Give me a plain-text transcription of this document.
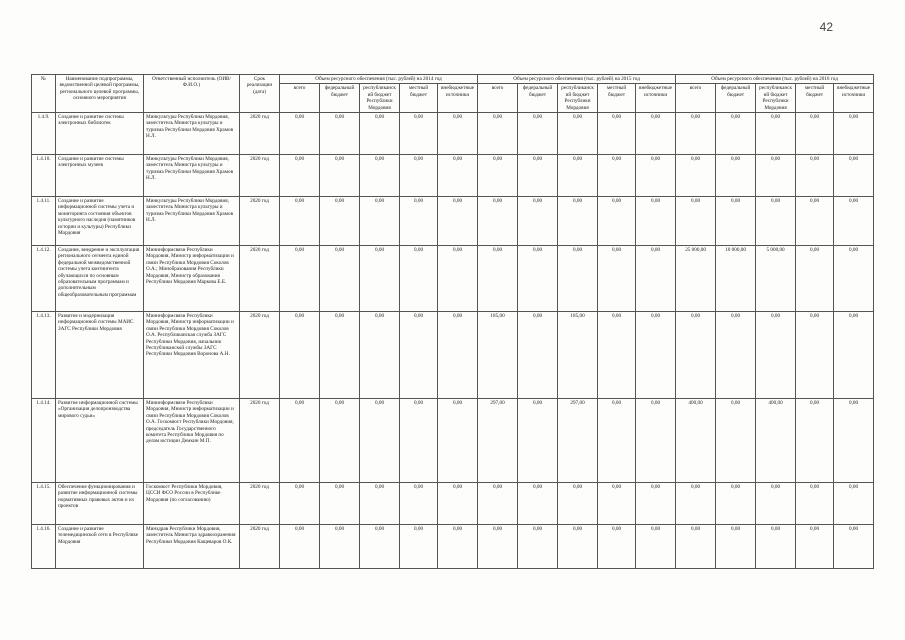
42
№	Наименование подпрограммы, ведомственной целевой программы, регионального целевой программы, основного мероприятия	Ответственный исполнитель (ОИВ/Ф.И.О.)	Срок реализации (дата)	Объем ресурсного обеспечения (тыс. рублей) на 2014 год					Объем ресурсного обеспечения (тыс. рублей) на 2015 год					Объем ресурсного обеспечения (тыс. рублей) на 2016 год				
				всего	федеральный бюджет	республиканский бюджет Республики Мордовия	местный бюджет	внебюджетные источники	всего	федеральный бюджет	республиканский бюджет Республики Мордовия	местный бюджет	внебюджетные источники	всего	федеральный бюджет	республиканский бюджет Республики Мордовия	местный бюджет	внебюджетные источники
1.4.9.	Создание и развитие системы электронных библиотек	Минкультуры Республики Мордовия, заместитель Министра культуры и туризма Республики Мордовия Храмов Н.Л.	2020 год	0,00	0,00	0,00	0,00	0,00	0,00	0,00	0,00	0,00	0,00	0,00	0,00	0,00	0,00	0,00
1.4.10.	Создание и развитие системы электронных музеев	Минкультуры Республики Мордовия, заместитель Министра культуры и туризма Республики Мордовия Храмов Н.Л.	2020 год	0,00	0,00	0,00	0,00	0,00	0,00	0,00	0,00	0,00	0,00	0,00	0,00	0,00	0,00	0,00
1.4.11.	Создание и развитие информационной системы учета и мониторинга состояния объектов культурного наследия (памятников истории и культуры) Республики Мордовия	Минкультуры Республики Мордовия, заместитель Министра культуры и туризма Республики Мордовия Храмов Н.Л.	2020 год	0,00	0,00	0,00	0,00	0,00	0,00	0,00	0,00	0,00	0,00	0,00	0,00	0,00	0,00	0,00
1.4.12.	Создание, внедрение и эксплуатация регионального сегмента единой федеральной межведомственной системы учета контингента обучающихся по основным образовательным программам и дополнительным общеобразовательным программам	Мининформсвязи Республики Мордовия, Министр информатизации и связи Республики Мордовия Соколов О.А.; Минобразования Республики Мордовия, Министр образования Республики Мордовия Маркова Е.Е.	2020 год	0,00	0,00	0,00	0,00	0,00	0,00	0,00	0,00	0,00	0,00	25 000,00	10 000,00	5 000,00	0,00	0,00
1.4.13.	Развитие и модернизация информационной системы МАИС ЗАГС Республики Мордовия	Мининформсвязи Республики Мордовия, Министр информатизации и связи Республики Мордовия Соколов О.А. Республиканская служба ЗАГС Республики Мордовия, начальник Республиканской службы ЗАГС Республики Мордовия Воронова А.Н.	2020 год	0,00	0,00	0,00	0,00	0,00	185,00	0,00	185,00	0,00	0,00	0,00	0,00	0,00	0,00	0,00
1.4.14.	Развитие информационной системы «Организация делопроизводства мирового судьи»	Мининформсвязи Республики Мордовия, Министр информатизации и связи Республики Мордовия Соколов О.А. Госкомюст Республики Мордовия, председатель Государственного комитета Республики Мордовия по делам юстиции Демкин М.П.	2020 год	0,00	0,00	0,00	0,00	0,00	297,00	0,00	297,00	0,00	0,00	400,00	0,00	400,00	0,00	0,00
1.4.15.	Обеспечение функционирования и развитие информационной системы нормативных правовых актов и их проектов	Госкомюст Республики Мордовия, ЦССИ ФСО России в Республике Мордовия (по согласованию)	2020 год	0,00	0,00	0,00	0,00	0,00	0,00	0,00	0,00	0,00	0,00	0,00	0,00	0,00	0,00	0,00
1.4.16.	Создание и развитие телемедицинской сети в Республике Мордовия	Минздрав Республики Мордовия, заместитель Министра здравоохранения Республики Мордовия Кащеваров О.К.	2020 год	0,00	0,00	0,00	0,00	0,00	0,00	0,00	0,00	0,00	0,00	0,00	0,00	0,00	0,00	0,00
